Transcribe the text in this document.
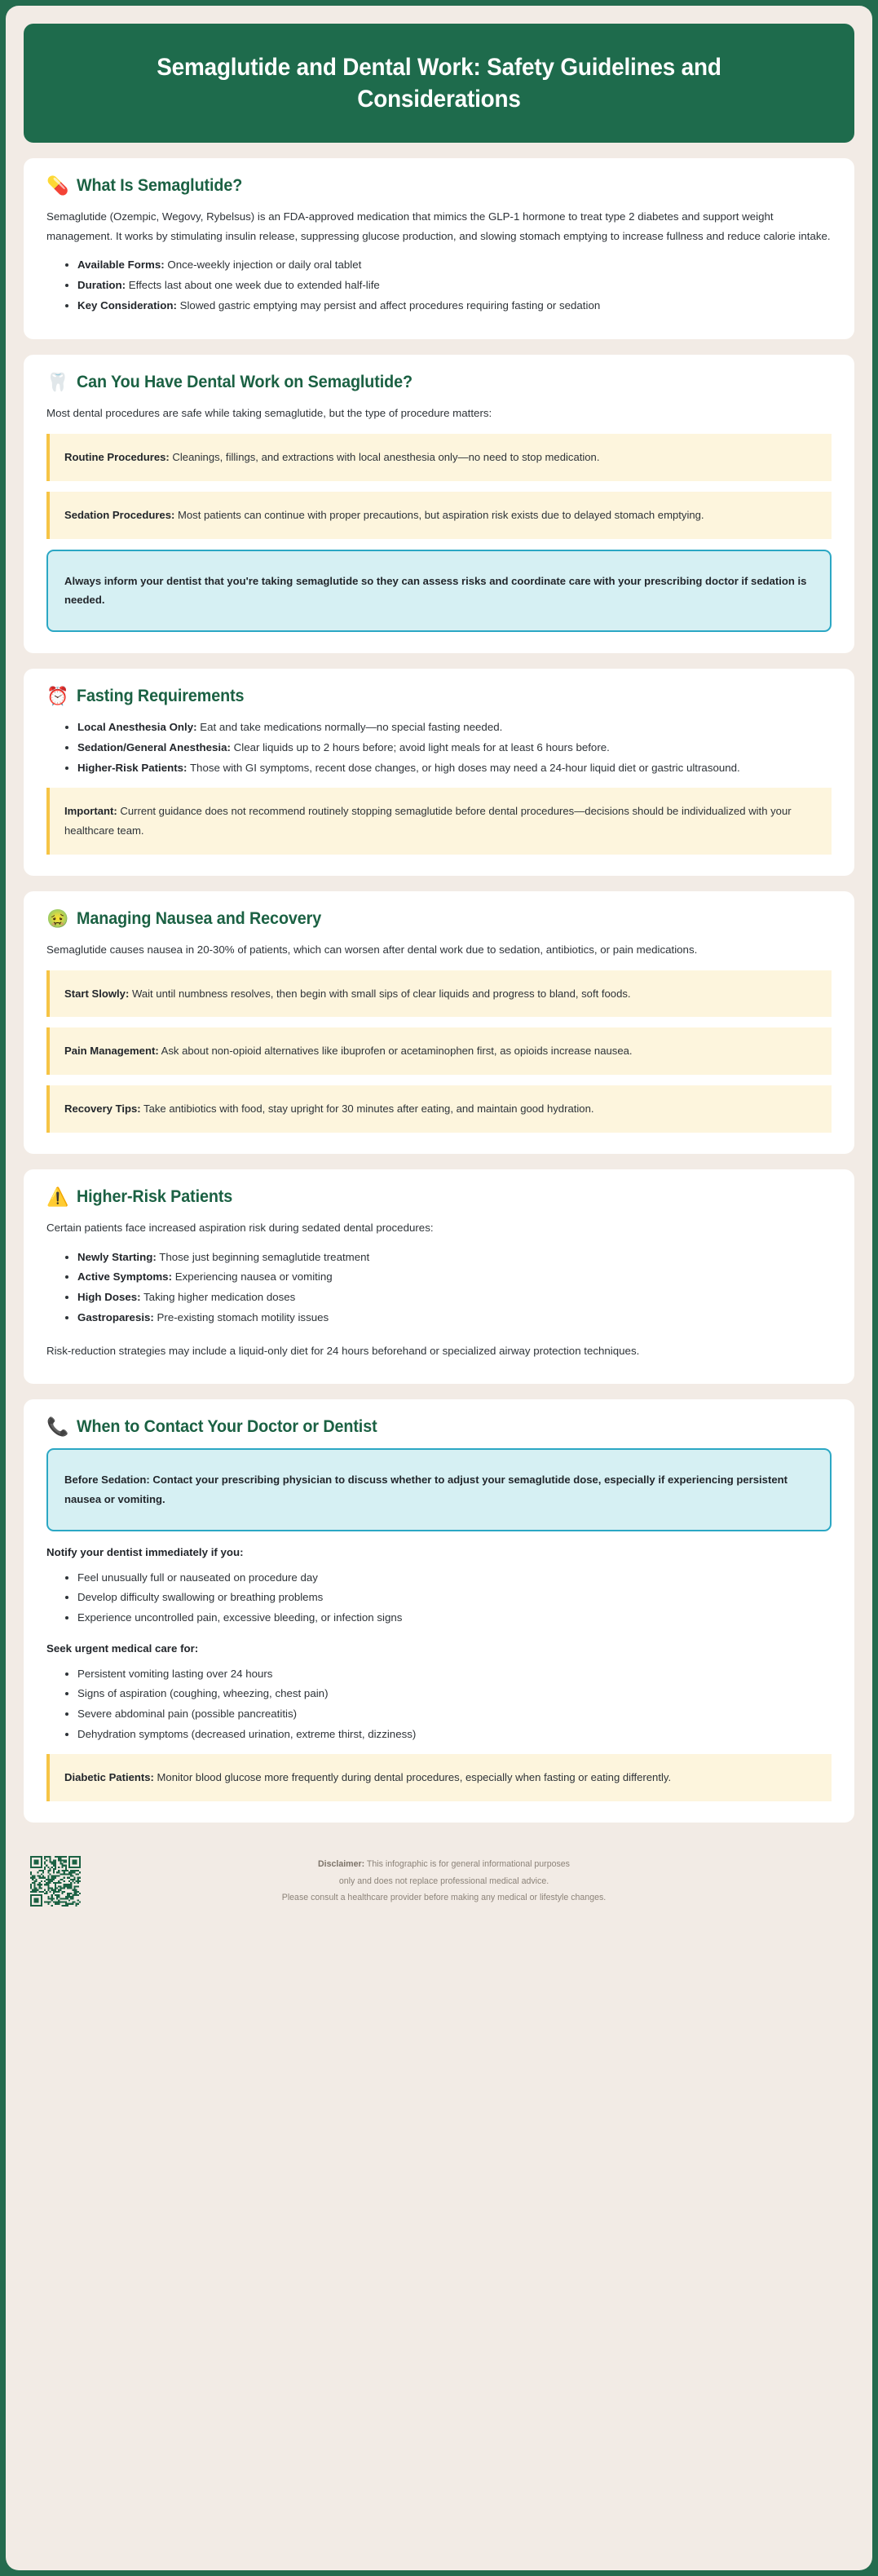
Semaglutide and Dental Work: Safety Guidelines and Considerations
💊 What Is Semaglutide?

Semaglutide (Ozempic, Wegovy, Rybelsus) is an FDA-approved medication that mimics the GLP-1 hormone to treat type 2 diabetes and support weight management. It works by stimulating insulin release, suppressing glucose production, and slowing stomach emptying to increase fullness and reduce calorie intake.

• Available Forms: Once-weekly injection or daily oral tablet
• Duration: Effects last about one week due to extended half-life
• Key Consideration: Slowed gastric emptying may persist and affect procedures requiring fasting or sedation
🦷 Can You Have Dental Work on Semaglutide?

Most dental procedures are safe while taking semaglutide, but the type of procedure matters:

Routine Procedures: Cleanings, fillings, and extractions with local anesthesia only—no need to stop medication.

Sedation Procedures: Most patients can continue with proper precautions, but aspiration risk exists due to delayed stomach emptying.

Always inform your dentist that you're taking semaglutide so they can assess risks and coordinate care with your prescribing doctor if sedation is needed.

⏰ Fasting Requirements
• Local Anesthesia Only: Eat and take medications normally—no special fasting needed.
• Sedation/General Anesthesia: Clear liquids up to 2 hours before; avoid light meals for at least 6 hours before.
• Higher-Risk Patients: Those with GI symptoms, recent dose changes, or high doses may need a 24-hour liquid diet or gastric ultrasound.

Important: Current guidance does not recommend routinely stopping semaglutide before dental procedures—decisions should be individualized with your healthcare team.

🤢 Managing Nausea and Recovery

Semaglutide causes nausea in 20-30% of patients, which can worsen after dental work due to sedation, antibiotics, or pain medications.

Start Slowly: Wait until numbness resolves, then begin with small sips of clear liquids and progress to bland, soft foods.

Pain Management: Ask about non-opioid alternatives like ibuprofen or acetaminophen first, as opioids increase nausea.

Recovery Tips: Take antibiotics with food, stay upright for 30 minutes after eating, and maintain good hydration.

⚠️ Higher-Risk Patients

Certain patients face increased aspiration risk during sedated dental procedures:

• Newly Starting: Those just beginning semaglutide treatment
• Active Symptoms: Experiencing nausea or vomiting
• High Doses: Taking higher medication doses
• Gastroparesis: Pre-existing stomach motility issues

Risk-reduction strategies may include a liquid-only diet for 24 hours beforehand or specialized airway protection techniques.

📞 When to Contact Your Doctor or Dentist

Before Sedation: Contact your prescribing physician to discuss whether to adjust your semaglutide dose, especially if experiencing persistent nausea or vomiting.

Notify your dentist immediately if you:

• Feel unusually full or nauseated on procedure day
• Develop difficulty swallowing or breathing problems
• Experience uncontrolled pain, excessive bleeding, or infection signs

Seek urgent medical care for:

• Persistent vomiting lasting over 24 hours
• Signs of aspiration (coughing, wheezing, chest pain)
• Severe abdominal pain (possible pancreatitis)
• Dehydration symptoms (decreased urination, extreme thirst, dizziness)

Diabetic Patients: Monitor blood glucose more frequently during dental procedures, especially when fasting or eating differently.

Disclaimer: This infographic is for general informational purposes
only and does not replace professional medical advice.
Please consult a healthcare provider before making any medical or lifestyle changes.
